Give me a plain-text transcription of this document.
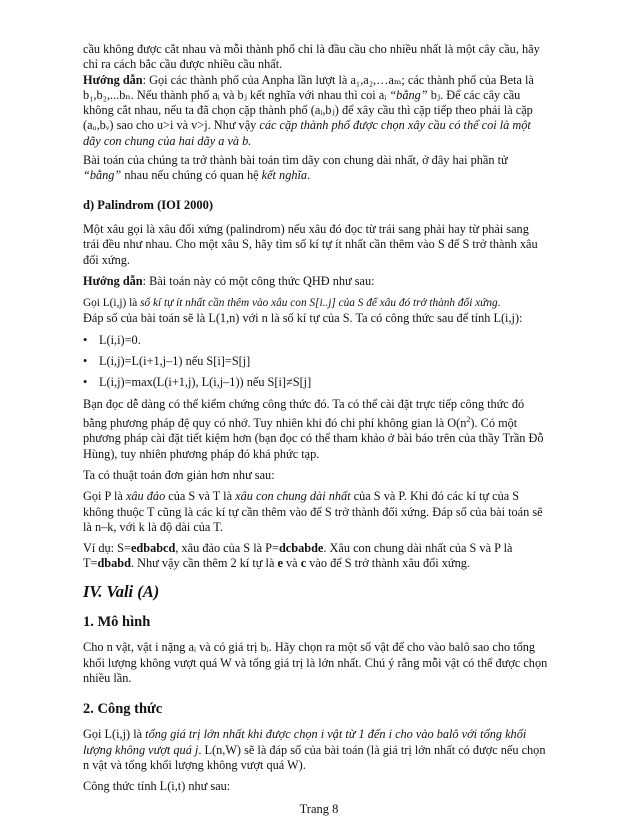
cầu không được cắt nhau và mỗi thành phố chỉ là đầu cầu cho nhiều nhất là một cây cầu, hãy
chỉ ra cách bắc cầu được nhiều cầu nhất.

Hướng dẫn: Gọi các thành phố của Anpha lần lượt là a₁,a₂,…aₘ; các thành phố của Beta là
b₁,b₂,...bₙ. Nếu thành phố aᵢ và bⱼ kết nghĩa với nhau thì coi aᵢ “bằng” bⱼ. Để các cây cầu
không cắt nhau, nếu ta đã chọn cặp thành phố (aᵢ,bⱼ) để xây cầu thì cặp tiếp theo phải là cặp
(aᵤ,bᵥ) sao cho u>i và v>j. Như vậy các cặp thành phố được chọn xây cầu có thể coi là một
dãy con chung của hai dãy a và b.

Bài toán của chúng ta trở thành bài toán tìm dãy con chung dài nhất, ở đây hai phần tử
“bằng” nhau nếu chúng có quan hệ kết nghĩa.

d) Palindrom (IOI 2000)

Một xâu gọi là xâu đối xứng (palindrom) nếu xâu đó đọc từ trái sang phải hay từ phải sang
trái đều như nhau. Cho một xâu S, hãy tìm số kí tự ít nhất cần thêm vào S để S trở thành xâu
đối xứng.

Hướng dẫn: Bài toán này có một công thức QHĐ như sau:

Gọi L(i,j) là số kí tự ít nhất cần thêm vào xâu con S[i..j] của S để xâu đó trở thành đối xứng.
Đáp số của bài toán sẽ là L(1,n) với n là số kí tự của S. Ta có công thức sau để tính L(i,j):

• L(i,i)=0.
• L(i,j)=L(i+1,j–1) nếu S[i]=S[j]
• L(i,j)=max(L(i+1,j), L(i,j–1)) nếu S[i]≠S[j]

Bạn đọc dễ dàng có thể kiểm chứng công thức đó. Ta có thể cài đặt trực tiếp công thức đó
bằng phương pháp đệ quy có nhớ. Tuy nhiên khi đó chi phí không gian là $O(n^2)$. Có một
phương pháp cài đặt tiết kiệm hơn (bạn đọc có thể tham khảo ở bài báo trên của thầy Trần Đỗ
Hùng), tuy nhiên phương pháp đó khá phức tạp.

Ta có thuật toán đơn giản hơn như sau:

Gọi P là xâu đảo của S và T là xâu con chung dài nhất của S và P. Khi đó các kí tự của S
không thuộc T cũng là các kí tự cần thêm vào để S trở thành đối xứng. Đáp số của bài toán sẽ
là n–k, với k là độ dài của T.

Ví dụ: S=edbabcd, xâu đảo của S là P=dcbabde. Xâu con chung dài nhất của S và P là
T=dbabd. Như vậy cần thêm 2 kí tự là e và c vào để S trở thành xâu đối xứng.

IV. Vali (A)
1. Mô hình

Cho n vật, vật i nặng aᵢ và có giá trị bᵢ. Hãy chọn ra một số vật để cho vào balô sao cho tổng
khối lượng không vượt quá W và tổng giá trị là lớn nhất. Chú ý rằng mỗi vật có thể được chọn
nhiều lần.

2. Công thức

Gọi L(i,j) là tổng giá trị lớn nhất khi được chọn i vật từ 1 đến i cho vào balô với tổng khối
lượng không vượt quá j. L(n,W) sẽ là đáp số của bài toán (là giá trị lớn nhất có được nếu chọn
n vật và tổng khối lượng không vượt quá W).

Công thức tính L(i,t) như sau:

Trang 8
